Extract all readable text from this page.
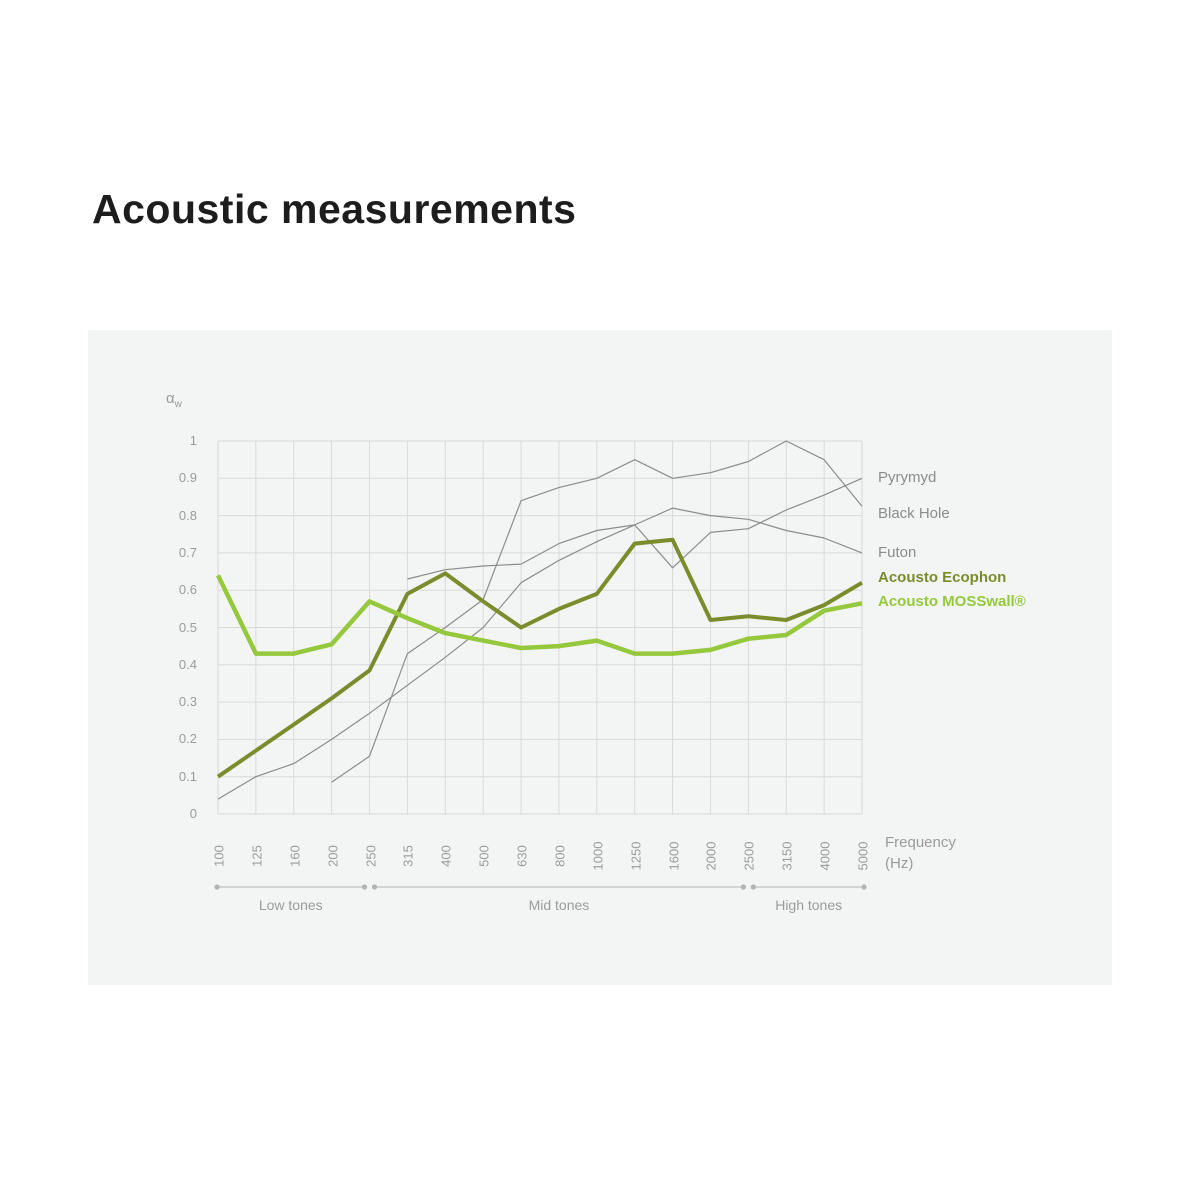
Acoustic measurements
$\alpha_w$
0
0.1
0.2
0.3
0.4
0.5
0.6
0.7
0.8
0.9
1
100 125 160 200 250 315 400 500 630 800 1000 1250 1600 2000 2500 3150 4000 5000 Frequency
(Hz)
Pyrymyd
Black Hole
Futon
Acousto Ecophon
Acousto MOSSwall®
Low tones	Mid tones	High tones
